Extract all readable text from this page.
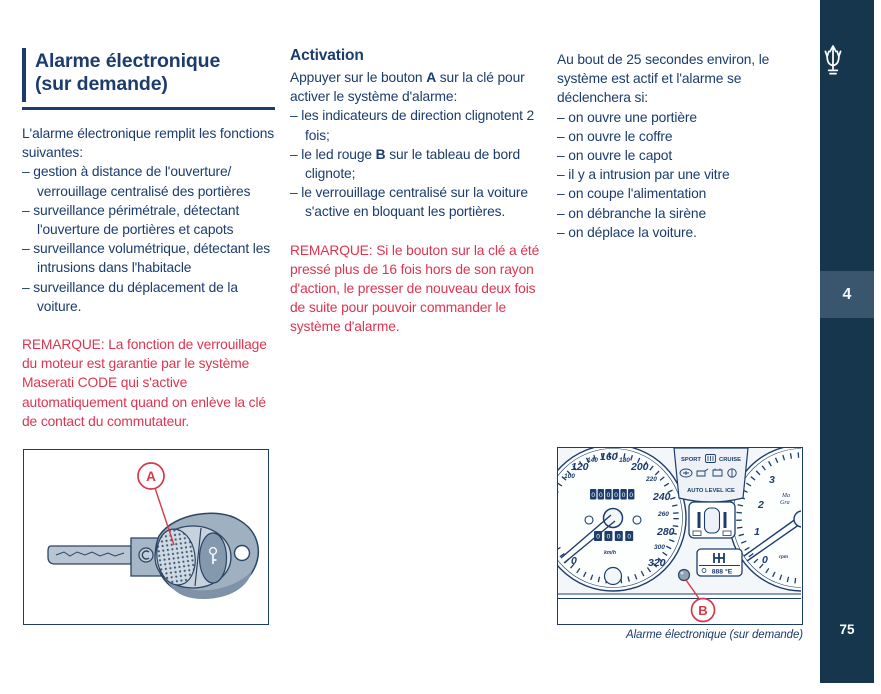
Alarme électronique
(sur demande)

L'alarme électronique remplit les fonctions suivantes:

– gestion à distance de l'ouverture/ verrouillage centralisé des portières

– surveillance périmétrale, détectant l'ouverture de portières et capots

– surveillance volumétrique, détectant les intrusions dans l'habitacle

– surveillance du déplacement de la voiture.

REMARQUE: La fonction de verrouillage du moteur est garantie par le système Maserati CODE qui s'active automatiquement quand on enlève la clé de contact du commutateur.

Activation

Appuyer sur le bouton A sur la clé pour activer le système d'alarme:

– les indicateurs de direction clignotent 2 fois;

– le led rouge B sur le tableau de bord clignote;

– le verrouillage centralisé sur la voiture s'active en bloquant les portières.

REMARQUE: Si le bouton sur la clé a été pressé plus de 16 fois hors de son rayon d'action, le presser de nouveau deux fois de suite pour pouvoir commander le système d'alarme.

Au bout de 25 secondes environ, le système est actif et l'alarme se déclenchera si:

– on ouvre une portière

– on ouvre le coffre

– on ouvre le capot

– il y a intrusion par une vitre

– on coupe l'alimentation

– on débranche la sirène

– on déplace la voiture.

A
0 0 0 0 0 0
0 0 0 0
km/h
100
120
140 160 180
200
220
240
260
280
300
320
0
3
2
1
0
Ma
Gra
rpm
SPORT	CRUISE
AUTO LEVEL ICE
888 °E
B
Alarme électronique (sur demande)
4
75
